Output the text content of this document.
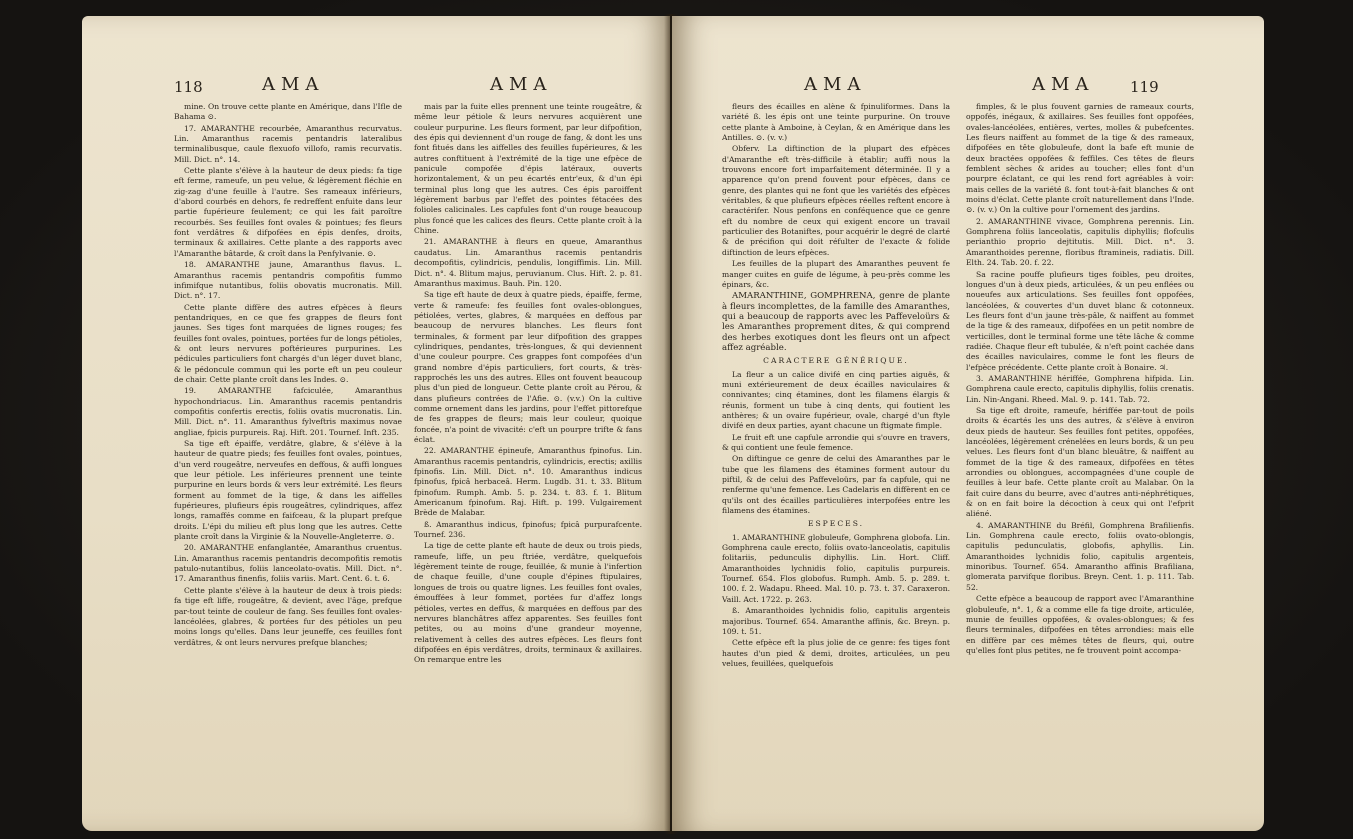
118	AMA	AMA

mine. On trouve cette plante en Amérique, dans l'Ifle de Bahama ⊙.

17. AMARANTHE recourbée, Amaranthus recurvatus. Lin. Amaranthus racemis pentandris lateralibus terminalibusque, caule flexuofo villofo, ramis recurvatis. Mill. Dict. n°. 14.

Cette plante s'élève à la hauteur de deux pieds: fa tige eft ferme, rameufe, un peu velue, & légèrement fléchie en zig-zag d'une feuille à l'autre. Ses rameaux inférieurs, d'abord courbés en dehors, fe redreffent enfuite dans leur partie fupérieure feulement; ce qui les fait paroître recourbés. Ses feuilles font ovales & pointues; fes fleurs font verdâtres & difpofées en épis denfes, droits, terminaux & axillaires. Cette plante a des rapports avec l'Amaranthe bâtarde, & croît dans la Penfylvanie. ⊙.

18. AMARANTHE jaune, Amaranthus flavus. L. Amaranthus racemis pentandris compofitis fummo infimifque nutantibus, foliis obovatis mucronatis. Mill. Dict. n°. 17.

Cette plante diffère des autres efpèces à fleurs pentandriques, en ce que fes grappes de fleurs font jaunes. Ses tiges font marquées de lignes rouges; fes feuilles font ovales, pointues, portées fur de longs pétioles, & ont leurs nervures poftérieures purpurines. Les pédicules particuliers font chargés d'un léger duvet blanc, & le pédoncule commun qui les porte eft un peu couleur de chair. Cette plante croît dans les Indes. ⊙.

19. AMARANTHE fafciculée, Amaranthus hypochondriacus. Lin. Amaranthus racemis pentandris compofitis confertis erectis, foliis ovatis mucronatis. Lin. Mill. Dict. n°. 11. Amaranthus fylveftris maximus novae angliae, fpicis purpureis. Raj. Hift. 201. Tournef. Inft. 235.

Sa tige eft épaiffe, verdâtre, glabre, & s'élève à la hauteur de quatre pieds; fes feuilles font ovales, pointues, d'un verd rougeâtre, nerveufes en deffous, & auffi longues que leur pétiole. Les inférieures prennent une teinte purpurine en leurs bords & vers leur extrémité. Les fleurs forment au fommet de la tige, & dans les aiffelles fupérieures, plufieurs épis rougeâtres, cylindriques, affez longs, ramaffés comme en faifceau, & la plupart prefque droits. L'épi du milieu eft plus long que les autres. Cette plante croît dans la Virginie & la Nouvelle-Angleterre. ⊙.

20. AMARANTHE enfanglantée, Amaranthus cruentus. Lin. Amaranthus racemis pentandris decompofitis remotis patulo-nutantibus, foliis lanceolato-ovatis. Mill. Dict. n°. 17. Amaranthus finenfis, foliis variis. Mart. Cent. 6. t. 6.

Cette plante s'élève à la hauteur de deux à trois pieds: fa tige eft liffe, rougeâtre, & devient, avec l'âge, prefque par-tout teinte de couleur de fang. Ses feuilles font ovales-lancéolées, glabres, & portées fur des pétioles un peu moins longs qu'elles. Dans leur jeuneffe, ces feuilles font verdâtres, & ont leurs nervures prefque blanches;

mais par la fuite elles prennent une teinte rougeâtre, & même leur pétiole & leurs nervures acquièrent une couleur purpurine. Les fleurs forment, par leur difpofition, des épis qui deviennent d'un rouge de fang, & dont les uns font fitués dans les aiffelles des feuilles fupérieures, & les autres conftituent à l'extrémité de la tige une efpèce de panicule compofée d'épis latéraux, ouverts horizontalement, & un peu écartés entr'eux, & d'un épi terminal plus long que les autres. Ces épis paroiffent légèrement barbus par l'effet des pointes fétacées des folioles calicinales. Les capfules font d'un rouge beaucoup plus foncé que les calices des fleurs. Cette plante croît à la Chine.

21. AMARANTHE à fleurs en queue, Amaranthus caudatus. Lin. Amaranthus racemis pentandris decompofitis, cylindricis, pendulis, longiffimis. Lin. Mill. Dict. n°. 4. Blitum majus, peruvianum. Clus. Hift. 2. p. 81. Amaranthus maximus. Bauh. Pin. 120.

Sa tige eft haute de deux à quatre pieds, épaiffe, ferme, verte & rameufe: fes feuilles font ovales-oblongues, pétiolées, vertes, glabres, & marquées en deffous par beaucoup de nervures blanches. Les fleurs font terminales, & forment par leur difpofition des grappes cylindriques, pendantes, très-longues, & qui deviennent d'une couleur pourpre. Ces grappes font compofées d'un grand nombre d'épis particuliers, fort courts, & très-rapprochés les uns des autres. Elles ont fouvent beaucoup plus d'un pied de longueur. Cette plante croît au Pérou, & dans plufieurs contrées de l'Afie. ⊙. (v.v.) On la cultive comme ornement dans les jardins, pour l'effet pittorefque de fes grappes de fleurs; mais leur couleur, quoique foncée, n'a point de vivacité: c'eft un pourpre trifte & fans éclat.

22. AMARANTHE épineufe, Amaranthus fpinofus. Lin. Amaranthus racemis pentandris, cylindricis, erectis; axillis fpinofis. Lin. Mill. Dict. n°. 10. Amaranthus indicus fpinofus, fpicâ herbaceâ. Herm. Lugdb. 31. t. 33. Blitum fpinofum. Rumph. Amb. 5. p. 234. t. 83. f. 1. Blitum Americanum fpinofum. Raj. Hift. p. 199. Vulgairement Brède de Malabar.

ß. Amaranthus indicus, fpinofus; fpicâ purpurafcente. Tournef. 236.

La tige de cette plante eft haute de deux ou trois pieds, rameufe, liffe, un peu ftriée, verdâtre, quelquefois légèrement teinte de rouge, feuillée, & munie à l'infertion de chaque feuille, d'une couple d'épines ftipulaires, longues de trois ou quatre lignes. Les feuilles font ovales, émouffées à leur fommet, portées fur d'affez longs pétioles, vertes en deffus, & marquées en deffous par des nervures blanchâtres affez apparentes. Ses feuilles font petites, ou au moins d'une grandeur moyenne, relativement à celles des autres efpèces. Les fleurs font difpofées en épis verdâtres, droits, terminaux & axillaires. On remarque entre les

AMA	AMA 119

fleurs des écailles en alène & fpinuliformes. Dans la variété ß. les épis ont une teinte purpurine. On trouve cette plante à Amboine, à Ceylan, & en Amérique dans les Antilles. ⊙. (v. v.)

Obferv. La diftinction de la plupart des efpèces d'Amaranthe eft très-difficile à établir; auffi nous la trouvons encore fort imparfaitement déterminée. Il y a apparence qu'on prend fouvent pour efpèces, dans ce genre, des plantes qui ne font que les variétés des efpèces véritables, & que plufieurs efpèces réelles reftent encore à caractérifer. Nous penfons en conféquence que ce genre eft du nombre de ceux qui exigent encore un travail particulier des Botaniftes, pour acquérir le degré de clarté & de précifion qui doit réfulter de l'exacte & folide diftinction de leurs efpèces.

Les feuilles de la plupart des Amaranthes peuvent fe manger cuites en guife de légume, à peu-près comme les épinars, &c.

AMARANTHINE, GOMPHRENA, genre de plante à fleurs incomplettes, de la famille des Amaranthes, qui a beaucoup de rapports avec les Paffeveloürs & les Amaranthes proprement dites, & qui comprend des herbes exotiques dont les fleurs ont un afpect affez agréable.

CARACTERE GÉNÉRIQUE.

La fleur a un calice divifé en cinq parties aiguës, & muni extérieurement de deux écailles naviculaires & connivantes; cinq étamines, dont les filamens élargis & réunis, forment un tube à cinq dents, qui foutient les anthères; & un ovaire fupérieur, ovale, chargé d'un ftyle divifé en deux parties, ayant chacune un ftigmate fimple.

Le fruit eft une capfule arrondie qui s'ouvre en travers, & qui contient une feule femence.

On diftingue ce genre de celui des Amaranthes par le tube que les filamens des étamines forment autour du piftil, & de celui des Paffeveloürs, par fa capfule, qui ne renferme qu'une femence. Les Cadelaris en diffèrent en ce qu'ils ont des écailles particulières interpofées entre les filamens des étamines.

ESPECES.

1. AMARANTHINE globuleufe, Gomphrena globofa. Lin. Gomphrena caule erecto, foliis ovato-lanceolatis, capitulis folitariis, pedunculis diphyllis. Lin. Hort. Cliff. Amaranthoides lychnidis folio, capitulis purpureis. Tournef. 654. Flos globofus. Rumph. Amb. 5. p. 289. t. 100. f. 2. Wadapu. Rheed. Mal. 10. p. 73. t. 37. Caraxeron. Vaill. Act. 1722. p. 263.

ß. Amaranthoides lychnidis folio, capitulis argenteis majoribus. Tournef. 654. Amaranthe affinis, &c. Breyn. p. 109. t. 51.

Cette efpèce eft la plus jolie de ce genre: fes tiges font hautes d'un pied & demi, droites, articulées, un peu velues, feuillées, quelquefois

fimples, & le plus fouvent garnies de rameaux courts, oppofés, inégaux, & axillaires. Ses feuilles font oppofées, ovales-lancéolées, entières, vertes, molles & pubefcentes. Les fleurs naiffent au fommet de la tige & des rameaux, difpofées en tête globuleufe, dont la bafe eft munie de deux bractées oppofées & feffiles. Ces têtes de fleurs femblent sèches & arides au toucher; elles font d'un pourpre éclatant, ce qui les rend fort agréables à voir: mais celles de la variété ß. font tout-à-fait blanches & ont moins d'éclat. Cette plante croît naturellement dans l'Inde. ⊙. (v. v.) On la cultive pour l'ornement des jardins.

2. AMARANTHINE vivace, Gomphrena perennis. Lin. Gomphrena foliis lanceolatis, capitulis diphyllis; flofculis perianthio proprio dejtitutis. Mill. Dict. n°. 3. Amaranthoides perenne, floribus ftramineis, radiatis. Dill. Elth. 24. Tab. 20. f. 22.

Sa racine pouffe plufieurs tiges foibles, peu droites, longues d'un à deux pieds, articulées, & un peu enflées ou noueufes aux articulations. Ses feuilles font oppofées, lancéolées, & couvertes d'un duvet blanc & cotonneux. Les fleurs font d'un jaune très-pâle, & naiffent au fommet de la tige & des rameaux, difpofées en un petit nombre de verticilles, dont le terminal forme une tête lâche & comme radiée. Chaque fleur eft tubulée, & n'eft point cachée dans des écailles naviculaires, comme le font les fleurs de l'efpèce précédente. Cette plante croît à Bonaire. ♃.

3. AMARANTHINE hériffée, Gomphrena hifpida. Lin. Gomphrena caule erecto, capitulis diphyllis, foliis crenatis. Lin. Nin-Angani. Rheed. Mal. 9. p. 141. Tab. 72.

Sa tige eft droite, rameufe, hériffée par-tout de poils droits & écartés les uns des autres, & s'élève à environ deux pieds de hauteur. Ses feuilles font petites, oppofées, lancéolées, légèrement crénelées en leurs bords, & un peu velues. Les fleurs font d'un blanc bleuâtre, & naiffent au fommet de la tige & des rameaux, difpofées en têtes arrondies ou oblongues, accompagnées d'une couple de feuilles à leur bafe. Cette plante croît au Malabar. On la fait cuire dans du beurre, avec d'autres anti-néphrétiques, & on en fait boire la décoction à ceux qui ont l'efprit aliéné.

4. AMARANTHINE du Bréfil, Gomphrena Brafilienfis. Lin. Gomphrena caule erecto, foliis ovato-oblongis, capitulis pedunculatis, globofis, aphyllis. Lin. Amaranthoides lychnidis folio, capitulis argenteis, minoribus. Tournef. 654. Amarantho affinis Brafiliana, glomerata parvifque floribus. Breyn. Cent. 1. p. 111. Tab. 52.

Cette efpèce a beaucoup de rapport avec l'Amaranthine globuleufe, n°. 1, & a comme elle fa tige droite, articulée, munie de feuilles oppofées, & ovales-oblongues; & fes fleurs terminales, difpofées en têtes arrondies: mais elle en diffère par ces mêmes têtes de fleurs, qui, outre qu'elles font plus petites, ne fe trouvent point accompa-
